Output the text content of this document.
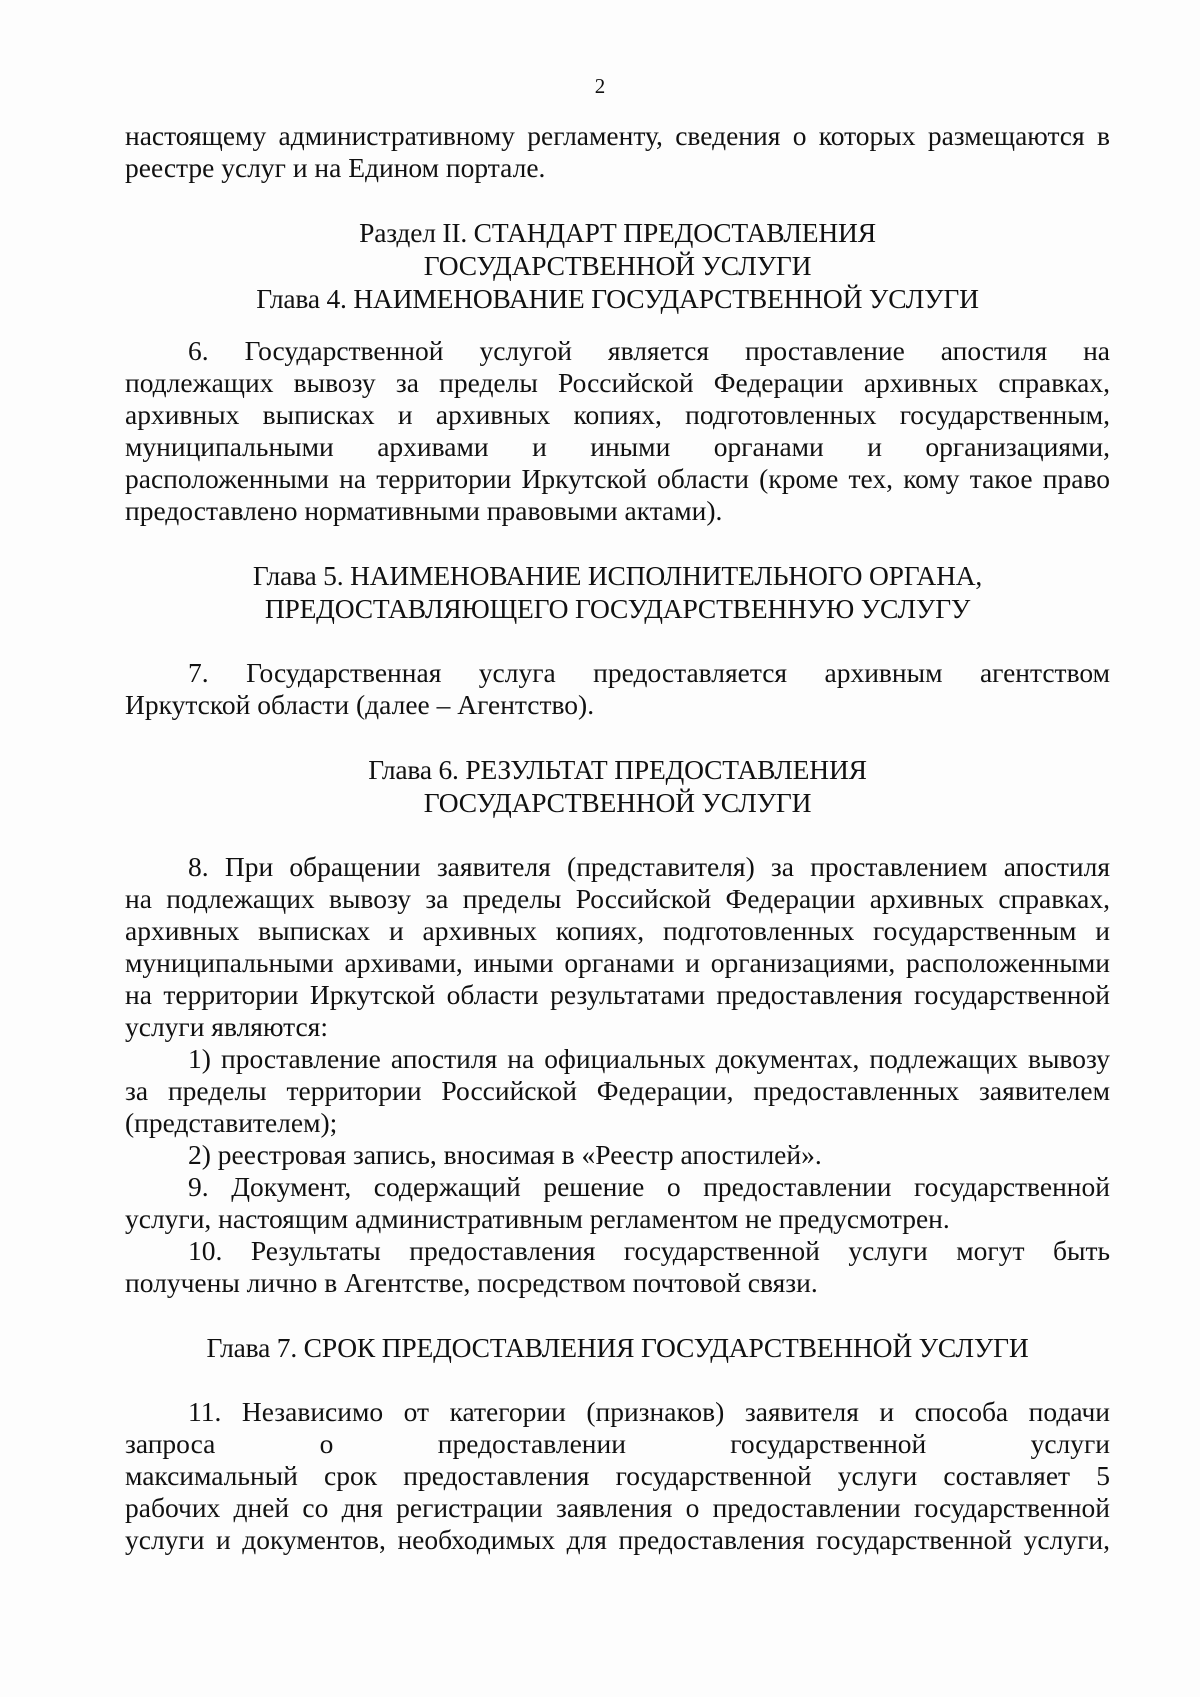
2
настоящему административному регламенту, сведения о которых размещаются в
реестре услуг и на Едином портале.
Раздел II. СТАНДАРТ ПРЕДОСТАВЛЕНИЯ
ГОСУДАРСТВЕННОЙ УСЛУГИ
Глава 4. НАИМЕНОВАНИЕ ГОСУДАРСТВЕННОЙ УСЛУГИ
6. Государственной услугой является проставление апостиля на
подлежащих вывозу за пределы Российской Федерации архивных справках,
архивных выписках и архивных копиях, подготовленных государственным,
муниципальными архивами и иными органами и организациями,
расположенными на территории Иркутской области (кроме тех, кому такое право
предоставлено нормативными правовыми актами).
Глава 5. НАИМЕНОВАНИЕ ИСПОЛНИТЕЛЬНОГО ОРГАНА,
ПРЕДОСТАВЛЯЮЩЕГО ГОСУДАРСТВЕННУЮ УСЛУГУ
7. Государственная услуга предоставляется архивным агентством
Иркутской области (далее – Агентство).
Глава 6. РЕЗУЛЬТАТ ПРЕДОСТАВЛЕНИЯ
ГОСУДАРСТВЕННОЙ УСЛУГИ
8. При обращении заявителя (представителя) за проставлением апостиля
на подлежащих вывозу за пределы Российской Федерации архивных справках,
архивных выписках и архивных копиях, подготовленных государственным и
муниципальными архивами, иными органами и организациями, расположенными
на территории Иркутской области результатами предоставления государственной
услуги являются:
1) проставление апостиля на официальных документах, подлежащих вывозу
за пределы территории Российской Федерации, предоставленных заявителем
(представителем);
2) реестровая запись, вносимая в «Реестр апостилей».
9. Документ, содержащий решение о предоставлении государственной
услуги, настоящим административным регламентом не предусмотрен.
10. Результаты предоставления государственной услуги могут быть
получены лично в Агентстве, посредством почтовой связи.
Глава 7. СРОК ПРЕДОСТАВЛЕНИЯ ГОСУДАРСТВЕННОЙ УСЛУГИ
11. Независимо от категории (признаков) заявителя и способа подачи
запроса о предоставлении государственной услуги
максимальный срок предоставления государственной услуги составляет 5
рабочих дней со дня регистрации заявления о предоставлении государственной
услуги и документов, необходимых для предоставления государственной услуги,
